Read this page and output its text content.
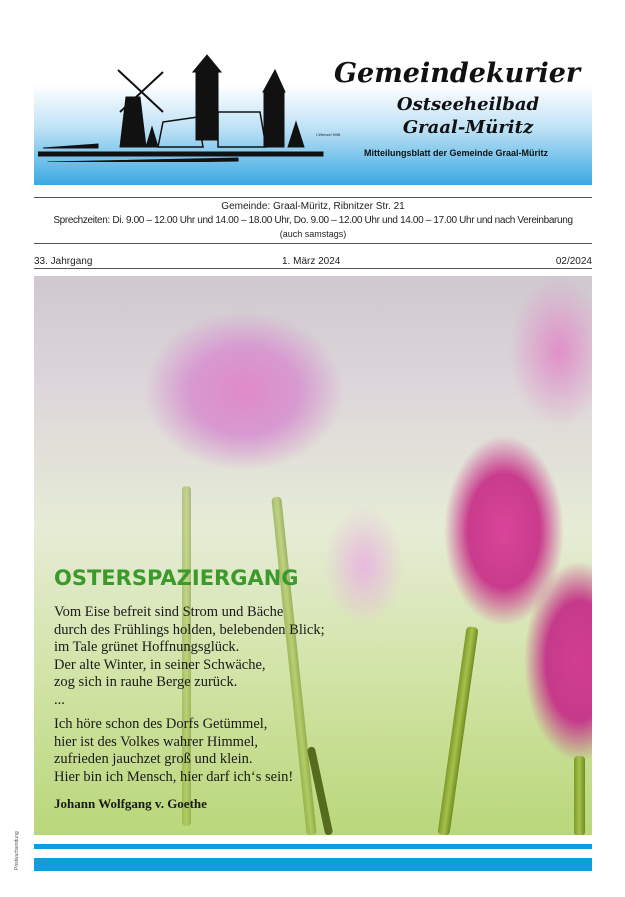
I.Wenzel 9/98
Gemeindekurier
Ostseeheilbad
Graal-Müritz
Mitteilungsblatt der Gemeinde Graal-Müritz
Gemeinde: Graal-Müritz, Ribnitzer Str. 21
Sprechzeiten: Di. 9.00 – 12.00 Uhr und 14.00 – 18.00 Uhr, Do. 9.00 – 12.00 Uhr und 14.00 – 17.00 Uhr und nach Vereinbarung
(auch samstags)
33. Jahrgang	1. März 2024	02/2024
OSTERSPAZIERGANG
Vom Eise befreit sind Strom und Bäche
durch des Frühlings holden, belebenden Blick;
im Tale grünet Hoffnungsglück.
Der alte Winter, in seiner Schwäche,
zog sich in rauhe Berge zurück.
...
Ich höre schon des Dorfs Getümmel,
hier ist des Volkes wahrer Himmel,
zufrieden jauchzet groß und klein.
Hier bin ich Mensch, hier darf ich‘s sein!
Johann Wolfgang v. Goethe
Postwurfsendung
